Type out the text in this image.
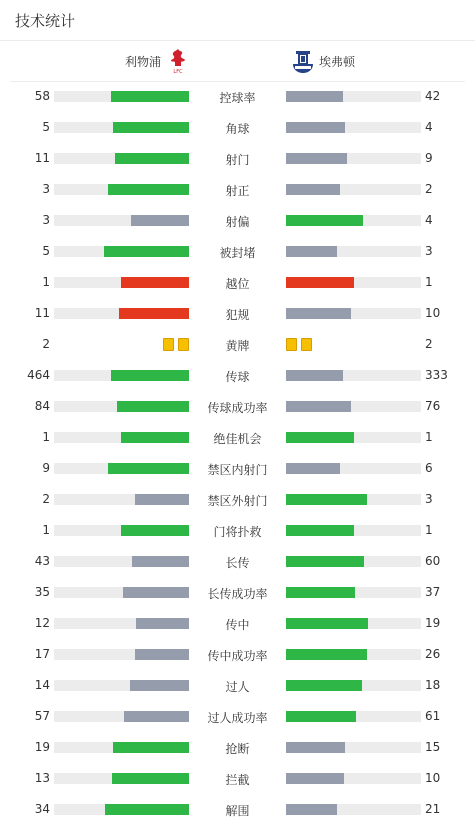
技术统计
利物浦
LFC
埃弗顿
58	控球率	42
5	角球	4
11	射门	9
3	射正	2
3	射偏	4
5	被封堵	3
1	越位	1
11	犯规	10
2	黄牌	2
464	传球	333
84	传球成功率	76
1	绝佳机会	1
9	禁区内射门	6
2	禁区外射门	3
1	门将扑救	1
43	长传	60
35	长传成功率	37
12	传中	19
17	传中成功率	26
14	过人	18
57	过人成功率	61
19	抢断	15
13	拦截	10
34	解围	21
